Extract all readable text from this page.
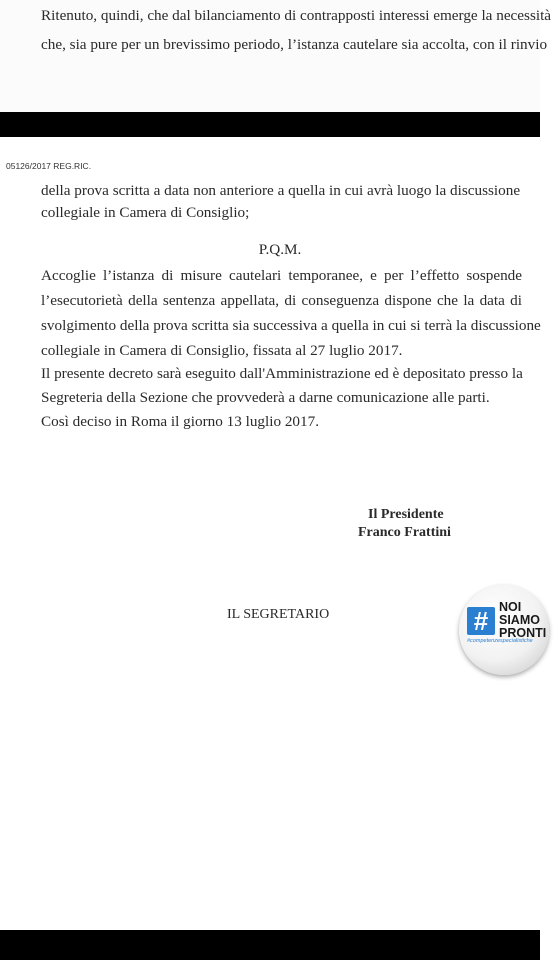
Ritenuto, quindi, che dal bilanciamento di contrapposti interessi emerge la necessità
che, sia pure per un brevissimo periodo, l’istanza cautelare sia accolta, con il rinvio
05126/2017 REG.RIC.
della prova scritta a data non anteriore a quella in cui avrà luogo la discussione
collegiale in Camera di Consiglio;
P.Q.M.
Accoglie l’istanza di misure cautelari temporanee, e per l’effetto sospende
l’esecutorietà della sentenza appellata, di conseguenza dispone che la data di
svolgimento della prova scritta sia successiva a quella in cui si terrà la discussione
collegiale in Camera di Consiglio, fissata al 27 luglio 2017.
Il presente decreto sarà eseguito dall'Amministrazione ed è depositato presso la
Segreteria della Sezione che provvederà a darne comunicazione alle parti.
Così deciso in Roma il giorno 13 luglio 2017.
Il Presidente
Franco Frattini
IL SEGRETARIO	# NOI
SIAMO
PRONTI
#competenzespecialistiche
